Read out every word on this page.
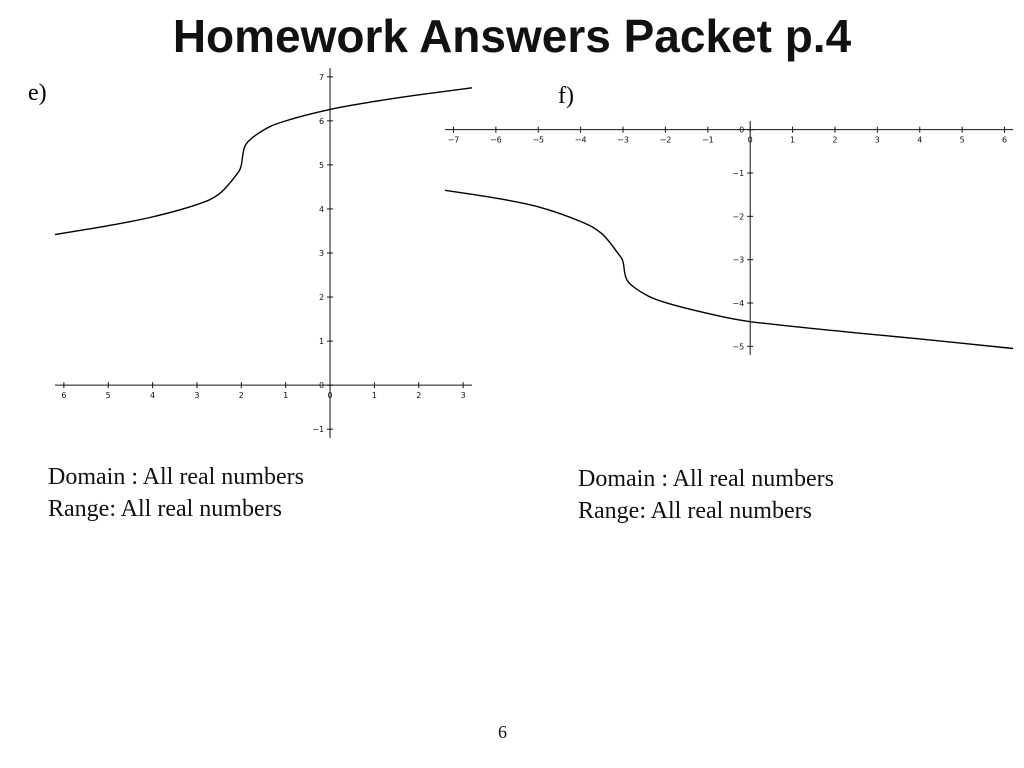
Homework Answers Packet p.4
e)	f)
6	5	4	3	2	1	0	1	2	3
−1
0
1
2
3
4
5
6
7
−7	−6	−5	−4	−3	−2	−1	0	1	2	3	4	5	6
−5
−4
−3
−2
−1
0
Domain : All real numbers
Range: All real numbers
Domain : All real numbers
Range: All real numbers
6
